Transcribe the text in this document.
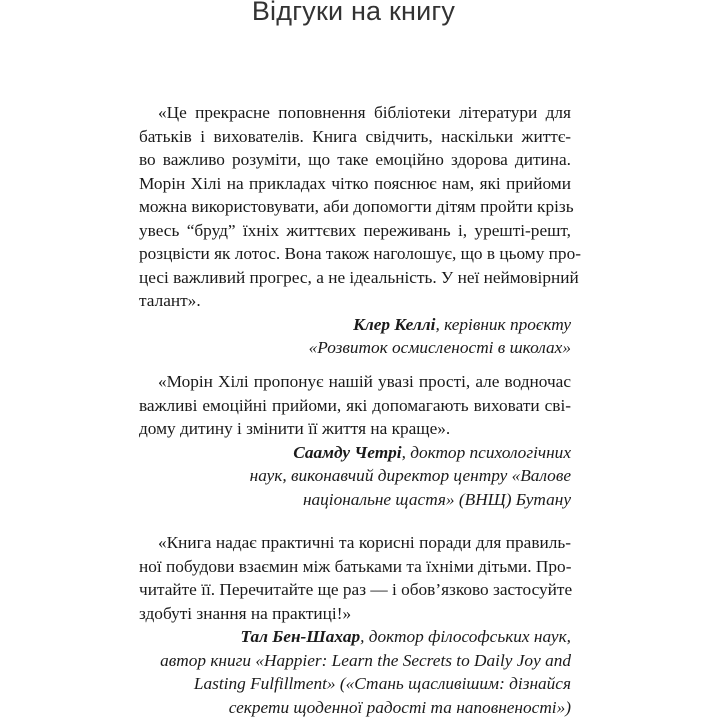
Відгуки на книгу
«Це прекрасне поповнення бібліотеки літератури для
батьків і вихователів. Книга свідчить, наскільки життє-
во важливо розуміти, що таке емоційно здорова дитина.
Морін Хілі на прикладах чітко пояснює нам, які прийоми
можна використовувати, аби допомогти дітям пройти крізь
увесь “бруд” їхніх життєвих переживань і, урешті-решт,
розцвісти як лотос. Вона також наголошує, що в цьому про-
цесі важливий прогрес, а не ідеальність. У неї неймовірний
талант».
Клер Келлі, керівник проєкту
«Розвиток осмисленості в школах»
«Морін Хілі пропонує нашій увазі прості, але водночас
важливі емоційні прийоми, які допомагають виховати сві-
дому дитину і змінити її життя на краще».
Саамду Четрі, доктор психологічних
наук, виконавчий директор центру «Валове
національне щастя» (ВНЩ) Бутану
«Книга надає практичні та корисні поради для правиль-
ної побудови взаємин між батьками та їхніми дітьми. Про-
читайте її. Перечитайте ще раз — і обов’язково застосуйте
здобуті знання на практиці!»
Тал Бен-Шахар, доктор філософських наук,
автор книги «Happier: Learn the Secrets to Daily Joy and
Lasting Fulfillment» («Стань щасливішим: дізнайся
секрети щоденної радості та наповненості»)
